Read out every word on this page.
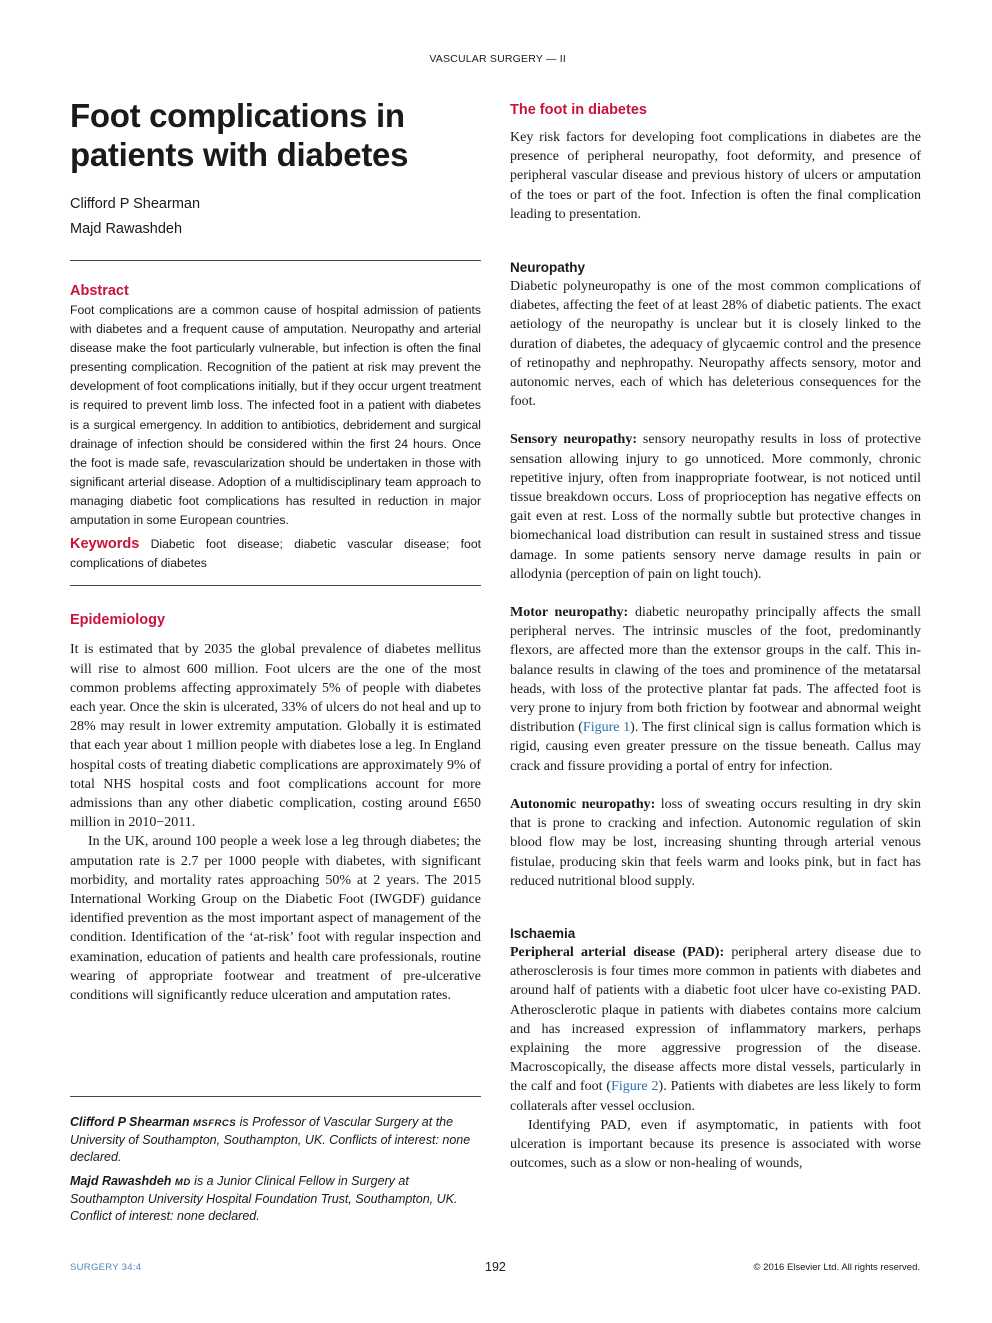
VASCULAR SURGERY — II
Foot complications in
patients with diabetes
Clifford P Shearman
Majd Rawashdeh
Abstract
Foot complications are a common cause of hospital admission of patients with diabetes and a frequent cause of amputation. Neuropathy and arterial disease make the foot particularly vulnerable, but infection is often the final presenting complication. Recognition of the patient at risk may prevent the development of foot complications initially, but if they occur urgent treatment is required to prevent limb loss. The infected foot in a patient with diabetes is a surgical emergency. In addition to antibiotics, debridement and surgical drainage of infection should be considered within the first 24 hours. Once the foot is made safe, revascularization should be undertaken in those with significant arterial disease. Adoption of a multidisciplinary team approach to managing diabetic foot complications has resulted in reduction in major amputation in some European countries.
Keywords Diabetic foot disease; diabetic vascular disease; foot complications of diabetes
Epidemiology

It is estimated that by 2035 the global prevalence of diabetes mellitus will rise to almost 600 million. Foot ulcers are the one of the most common problems affecting approximately 5% of people with diabetes each year. Once the skin is ulcerated, 33% of ulcers do not heal and up to 28% may result in lower extremity amputation. Globally it is estimated that each year about 1 million people with diabetes lose a leg. In England hospital costs of treating diabetic complications are approximately 9% of total NHS hospital costs and foot complications account for more admissions than any other diabetic complication, costing around £650 million in 2010−2011.

In the UK, around 100 people a week lose a leg through diabetes; the amputation rate is 2.7 per 1000 people with diabetes, with significant morbidity, and mortality rates approaching 50% at 2 years. The 2015 International Working Group on the Diabetic Foot (IWGDF) guidance identified prevention as the most important aspect of management of the condition. Identification of the ‘at-risk’ foot with regular inspection and examination, education of patients and health care professionals, routine wearing of appropriate footwear and treatment of pre-ulcerative conditions will significantly reduce ulceration and amputation rates.

Clifford P Shearman MSFRCS is Professor of Vascular Surgery at the University of Southampton, Southampton, UK. Conflicts of interest: none declared.
Majd Rawashdeh MD is a Junior Clinical Fellow in Surgery at Southampton University Hospital Foundation Trust, Southampton, UK. Conflict of interest: none declared.
The foot in diabetes

Key risk factors for developing foot complications in diabetes are the presence of peripheral neuropathy, foot deformity, and presence of peripheral vascular disease and previous history of ulcers or amputation of the toes or part of the foot. Infection is often the final complication leading to presentation.

Neuropathy

Diabetic polyneuropathy is one of the most common complications of diabetes, affecting the feet of at least 28% of diabetic patients. The exact aetiology of the neuropathy is unclear but it is closely linked to the duration of diabetes, the adequacy of glycaemic control and the presence of retinopathy and nephropathy. Neuropathy affects sensory, motor and autonomic nerves, each of which has deleterious consequences for the foot.

Sensory neuropathy: sensory neuropathy results in loss of protective sensation allowing injury to go unnoticed. More commonly, chronic repetitive injury, often from inappropriate footwear, is not noticed until tissue breakdown occurs. Loss of proprioception has negative effects on gait even at rest. Loss of the normally subtle but protective changes in biomechanical load distribution can result in sustained stress and tissue damage. In some patients sensory nerve damage results in pain or allodynia (perception of pain on light touch).

Motor neuropathy: diabetic neuropathy principally affects the small peripheral nerves. The intrinsic muscles of the foot, predominantly flexors, are affected more than the extensor groups in the calf. This in-balance results in clawing of the toes and prominence of the metatarsal heads, with loss of the protective plantar fat pads. The affected foot is very prone to injury from both friction by footwear and abnormal weight distribution (Figure 1). The first clinical sign is callus formation which is rigid, causing even greater pressure on the tissue beneath. Callus may crack and fissure providing a portal of entry for infection.

Autonomic neuropathy: loss of sweating occurs resulting in dry skin that is prone to cracking and infection. Autonomic regulation of skin blood flow may be lost, increasing shunting through arterial venous fistulae, producing skin that feels warm and looks pink, but in fact has reduced nutritional blood supply.

Ischaemia

Peripheral arterial disease (PAD): peripheral artery disease due to atherosclerosis is four times more common in patients with diabetes and around half of patients with a diabetic foot ulcer have co-existing PAD. Atherosclerotic plaque in patients with diabetes contains more calcium and has increased expression of inflammatory markers, perhaps explaining the more aggressive progression of the disease. Macroscopically, the disease affects more distal vessels, particularly in the calf and foot (Figure 2). Patients with diabetes are less likely to form collaterals after vessel occlusion.

Identifying PAD, even if asymptomatic, in patients with foot ulceration is important because its presence is associated with worse outcomes, such as a slow or non-healing of wounds,

SURGERY 34:4	192	© 2016 Elsevier Ltd. All rights reserved.
